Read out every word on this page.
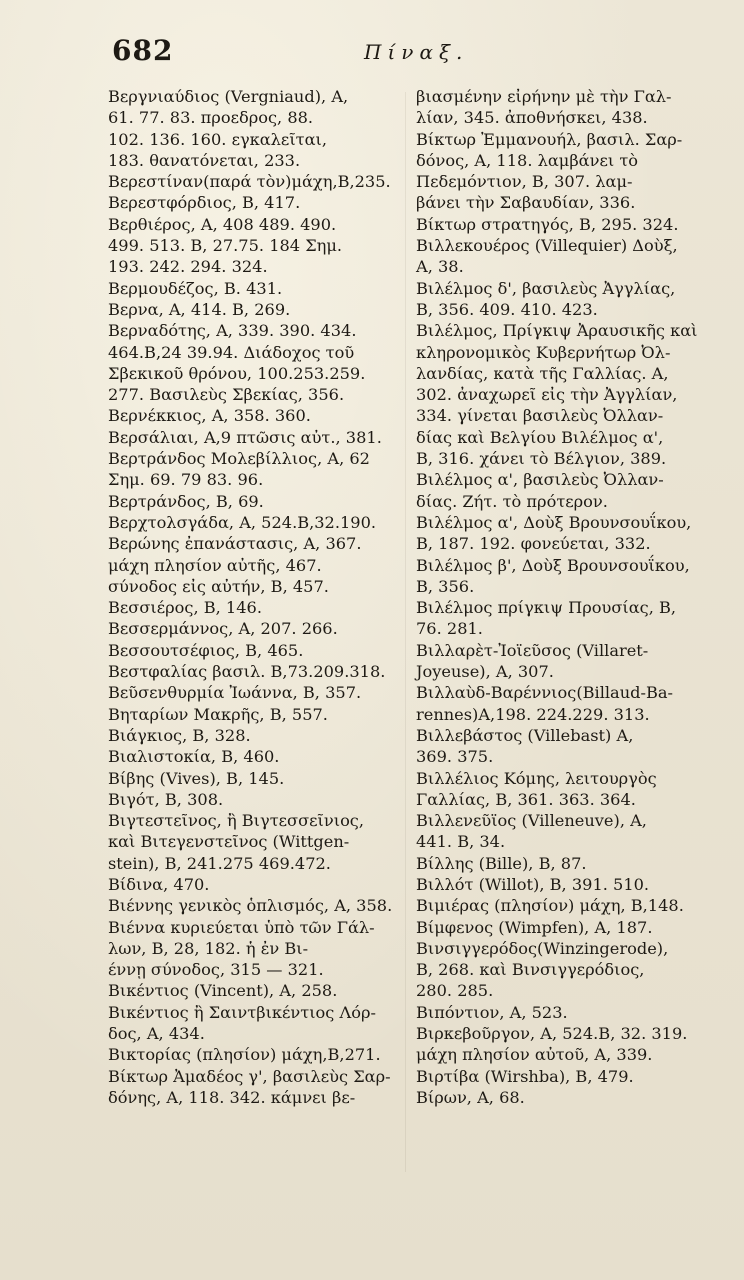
682	Πίναξ.

Βεργνιαύδιος (Vergniaud), A,
61. 77. 83. προεδρος, 88.
102. 136. 160. εγκαλεῖται,
183. θανατόνεται, 233.

Βερεστίναν(παρά τὸν)μάχη,B,235.

Βερεστφόρδιος, B, 417.

Βερθιέρος, A, 408 489. 490.
499. 513. B, 27.75. 184 Σημ.
193. 242. 294. 324.

Βερμουδέζος, B. 431.

Βερνα, A, 414. B, 269.

Βερναδότης, A, 339. 390. 434.
464.B,24 39.94. Διάδοχος τοῦ
Σβεκικοῦ θρόνου, 100.253.259.
277. Βασιλεὺς Σβεκίας, 356.

Βερνέκκιος, A, 358. 360.

Βερσάλιαι, A,9 πτῶσις αὐτ., 381.

Βερτράνδος Μολεβίλλιος, A, 62
Σημ. 69. 79 83. 96.

Βερτράνδος, B, 69.

Βερχτολσγάδα, A, 524.B,32.190.

Βερώνης ἐπανάστασις, A, 367.
μάχη πλησίον αὐτῆς, 467.
σύνοδος εἰς αὐτήν, B, 457.

Βεσσιέρος, B, 146.

Βεσσερμάννος, A, 207. 266.

Βεσσουτσέφιος, B, 465.

Βεστφαλίας βασιλ. B,73.209.318.

Βεῦσενθυρμία Ἰωάννα, B, 357.

Βηταρίων Μακρῆς, B, 557.

Βιάγκιος, B, 328.

Βιαλιστοκία, B, 460.

Βίβης (Vives), B, 145.

Βιγότ, B, 308.

Βιγτεστεῖνος, ἢ Βιγτεσσεῖνιος,
καὶ Βιτεγενστεῖνος (Wittgen-
stein), B, 241.275 469.472.

Βίδινα, 470.

Βιέννης γενικὸς ὁπλισμός, A, 358.

Βιέννα κυριεύεται ὑπὸ τῶν Γάλ-
λων, B, 28, 182. ἡ ἐν Βι-
έννῃ σύνοδος, 315 — 321.

Βικέντιος (Vincent), A, 258.

Βικέντιος ἢ Σαιντβικέντιος Λόρ-
δος, A, 434.

Βικτορίας (πλησίον) μάχη,B,271.

Βίκτωρ Ἀμαδέος γ', βασιλεὺς Σαρ-
δόνης, A, 118. 342. κάμνει βε-

βιασμένην εἰρήνην μὲ τὴν Γαλ-
λίαν, 345. ἀποθνήσκει, 438.

Βίκτωρ Ἐμμανουήλ, βασιλ. Σαρ-
δόνος, A, 118. λαμβάνει τὸ
Πεδεμόντιον, B, 307. λαμ-
βάνει τὴν Σαβαυδίαν, 336.

Βίκτωρ στρατηγός, B, 295. 324.

Βιλλεκουέρος (Villequier) Δοὺξ,
A, 38.

Βιλέλμος δ', βασιλεὺς Ἀγγλίας,
B, 356. 409. 410. 423.

Βιλέλμος, Πρίγκιψ Ἀραυσικῆς καὶ
κληρονομικὸς Κυβερνήτωρ Ὀλ-
λανδίας, κατὰ τῆς Γαλλίας. A,
302. ἀναχωρεῖ εἰς τὴν Ἀγγλίαν,
334. γίνεται βασιλεὺς Ὀλλαν-
δίας καὶ Βελγίου Βιλέλμος α',
B, 316. χάνει τὸ Βέλγιον, 389.

Βιλέλμος α', βασιλεὺς Ὀλλαν-
δίας. Ζήτ. τὸ πρότερον.

Βιλέλμος α', Δοὺξ Βρουνσουΐκου,
B, 187. 192. φονεύεται, 332.

Βιλέλμος β', Δοὺξ Βρουνσουΐκου,
B, 356.

Βιλέλμος πρίγκιψ Προυσίας, B,
76. 281.

Βιλλαρὲτ-Ἰοϊεῦσος (Villaret-
Joyeuse), A, 307.

Βιλλαὺδ-Βαρέννιος(Billaud-Ba-
rennes)A,198. 224.229. 313.

Βιλλεβάστος (Villebast) A,
369. 375.

Βιλλέλιος Κόμης, λειτουργὸς
Γαλλίας, B, 361. 363. 364.

Βιλλενεῦϊος (Villeneuve), A,
441. B, 34.

Βίλλης (Bille), B, 87.

Βιλλότ (Willot), B, 391. 510.

Βιμιέρας (πλησίον) μάχη, B,148.

Βίμφενος (Wimpfen), A, 187.

Βινσιγγερόδος(Winzingerode),
B, 268. καὶ Βινσιγγερόδιος,
280. 285.

Βιπόντιον, A, 523.

Βιρκεβοῦργον, A, 524.B, 32. 319.
μάχη πλησίον αὐτοῦ, A, 339.

Βιρτίβα (Wirshba), B, 479.

Βίρων, A, 68.
